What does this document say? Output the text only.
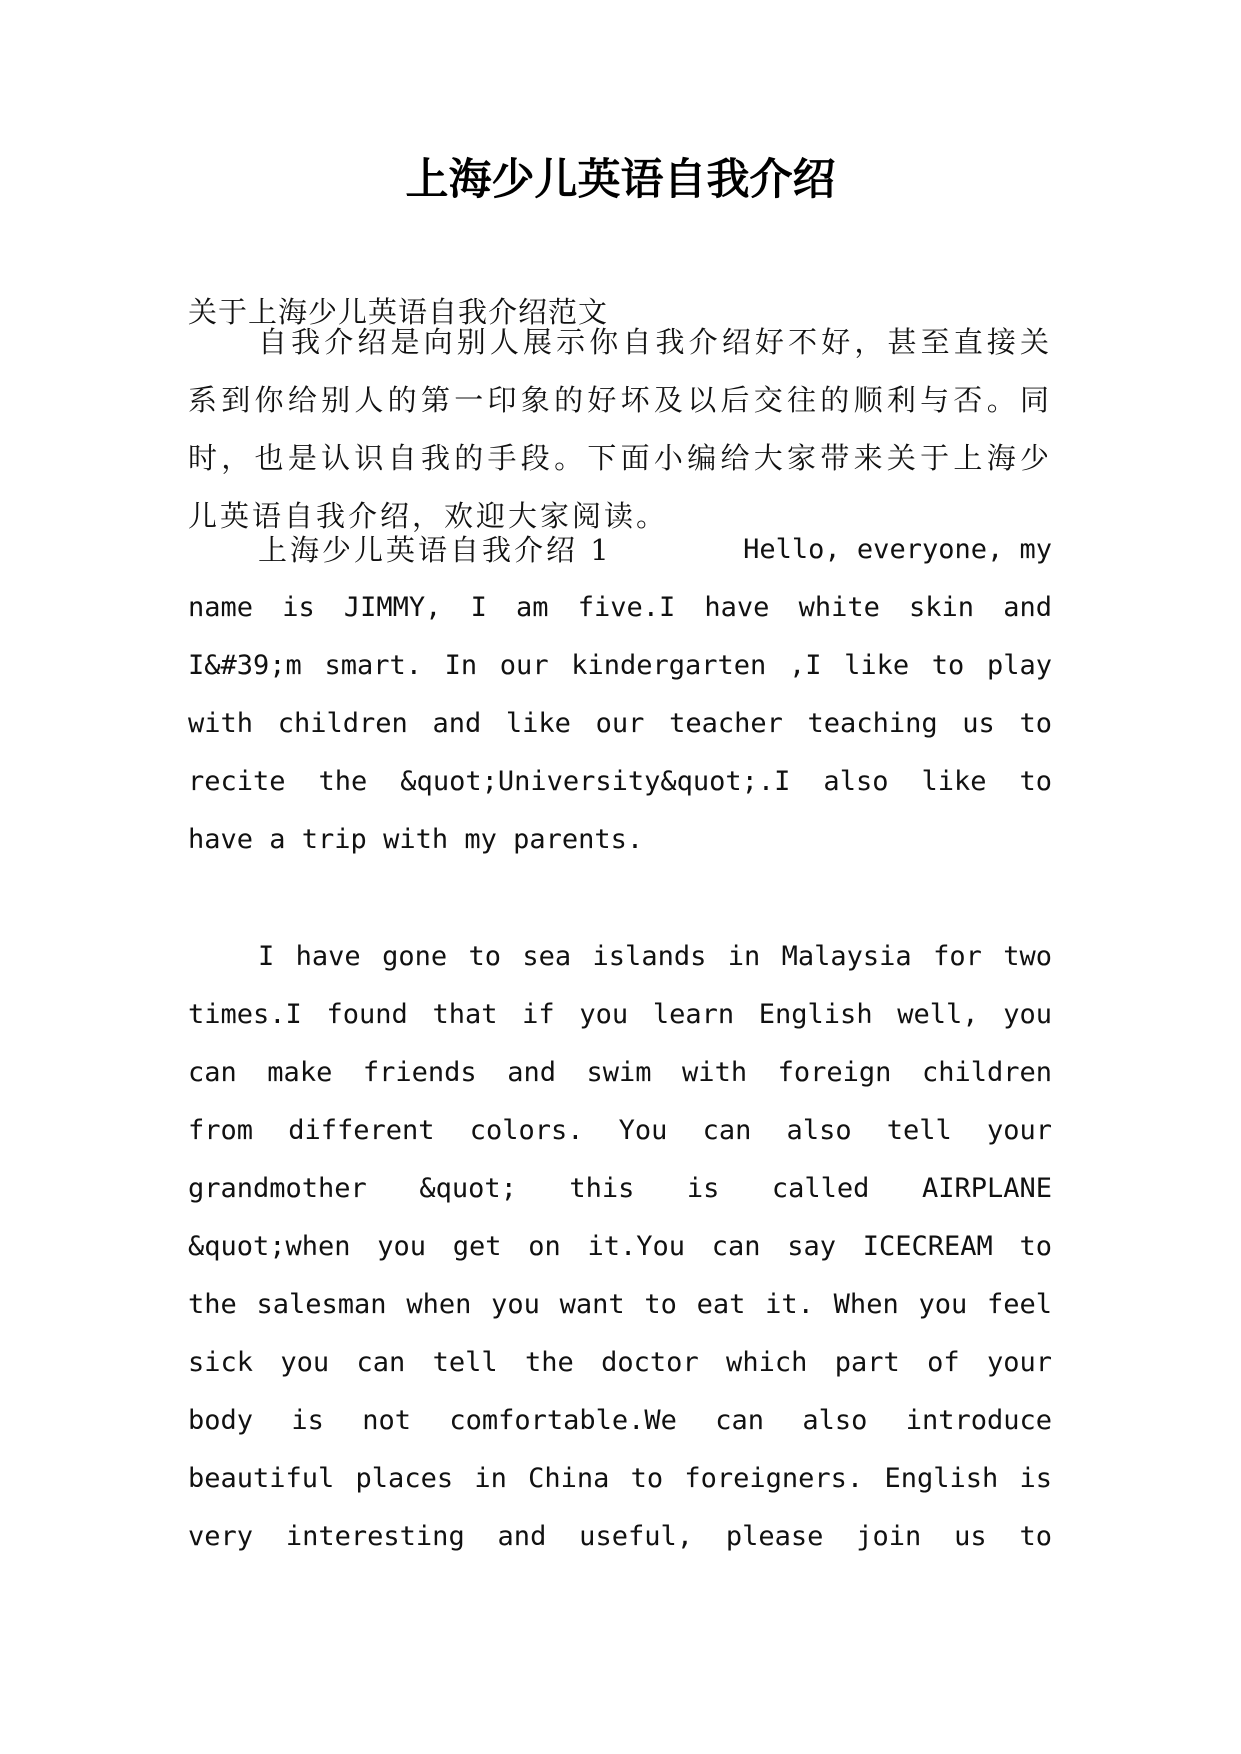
上海少儿英语自我介绍

关于上海少儿英语自我介绍范文

自我介绍是向别人展示你自我介绍好不好，甚至直接关
系到你给别人的第一印象的好坏及以后交往的顺利与否。同
时，也是认识自我的手段。下面小编给大家带来关于上海少
儿英语自我介绍，欢迎大家阅读。
上海少儿英语自我介绍 1	Hello, everyone, my
name is JIMMY, I am five.I have white skin and
I&#39;m smart. In our kindergarten ,I like to play
with children and like our teacher teaching us to
recite the &quot;University&quot;.I also like to
have a trip with my parents.
I have gone to sea islands in Malaysia for two
times.I found that if you learn English well, you
can make friends and swim with foreign children
from different colors. You can also tell your
grandmother &quot; this is called AIRPLANE
&quot;when you get on it.You can say ICECREAM to
the salesman when you want to eat it. When you feel
sick you can tell the doctor which part of your
body is not comfortable.We can also introduce
beautiful places in China to foreigners. English is
very interesting and useful, please join us to
